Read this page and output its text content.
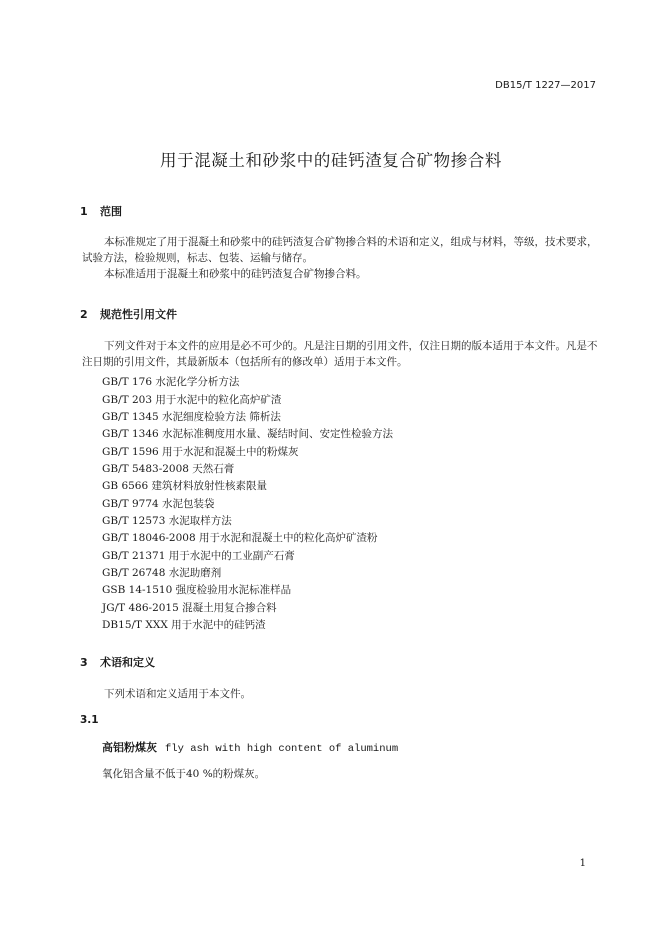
DB15/T 1227—2017
用于混凝土和砂浆中的硅钙渣复合矿物掺合料
1 范围
本标准规定了用于混凝土和砂浆中的硅钙渣复合矿物掺合料的术语和定义，组成与材料，等级，技术要求，试验方法，检验规则，标志、包装、运输与储存。
本标准适用于混凝土和砂浆中的硅钙渣复合矿物掺合料。
2 规范性引用文件
下列文件对于本文件的应用是必不可少的。凡是注日期的引用文件，仅注日期的版本适用于本文件。凡是不注日期的引用文件，其最新版本（包括所有的修改单）适用于本文件。
GB/T 176 水泥化学分析方法
GB/T 203 用于水泥中的粒化高炉矿渣
GB/T 1345 水泥细度检验方法 筛析法
GB/T 1346 水泥标准稠度用水量、凝结时间、安定性检验方法
GB/T 1596 用于水泥和混凝土中的粉煤灰
GB/T 5483-2008 天然石膏
GB 6566 建筑材料放射性核素限量
GB/T 9774 水泥包装袋
GB/T 12573 水泥取样方法
GB/T 18046-2008 用于水泥和混凝土中的粒化高炉矿渣粉
GB/T 21371 用于水泥中的工业副产石膏
GB/T 26748 水泥助磨剂
GSB 14-1510 强度检验用水泥标准样品
JG/T 486-2015 混凝土用复合掺合料
DB15/T XXX 用于水泥中的硅钙渣
3 术语和定义
下列术语和定义适用于本文件。
3.1
高铝粉煤灰 fly ash with high content of aluminum
氧化铝含量不低于40 %的粉煤灰。
1
